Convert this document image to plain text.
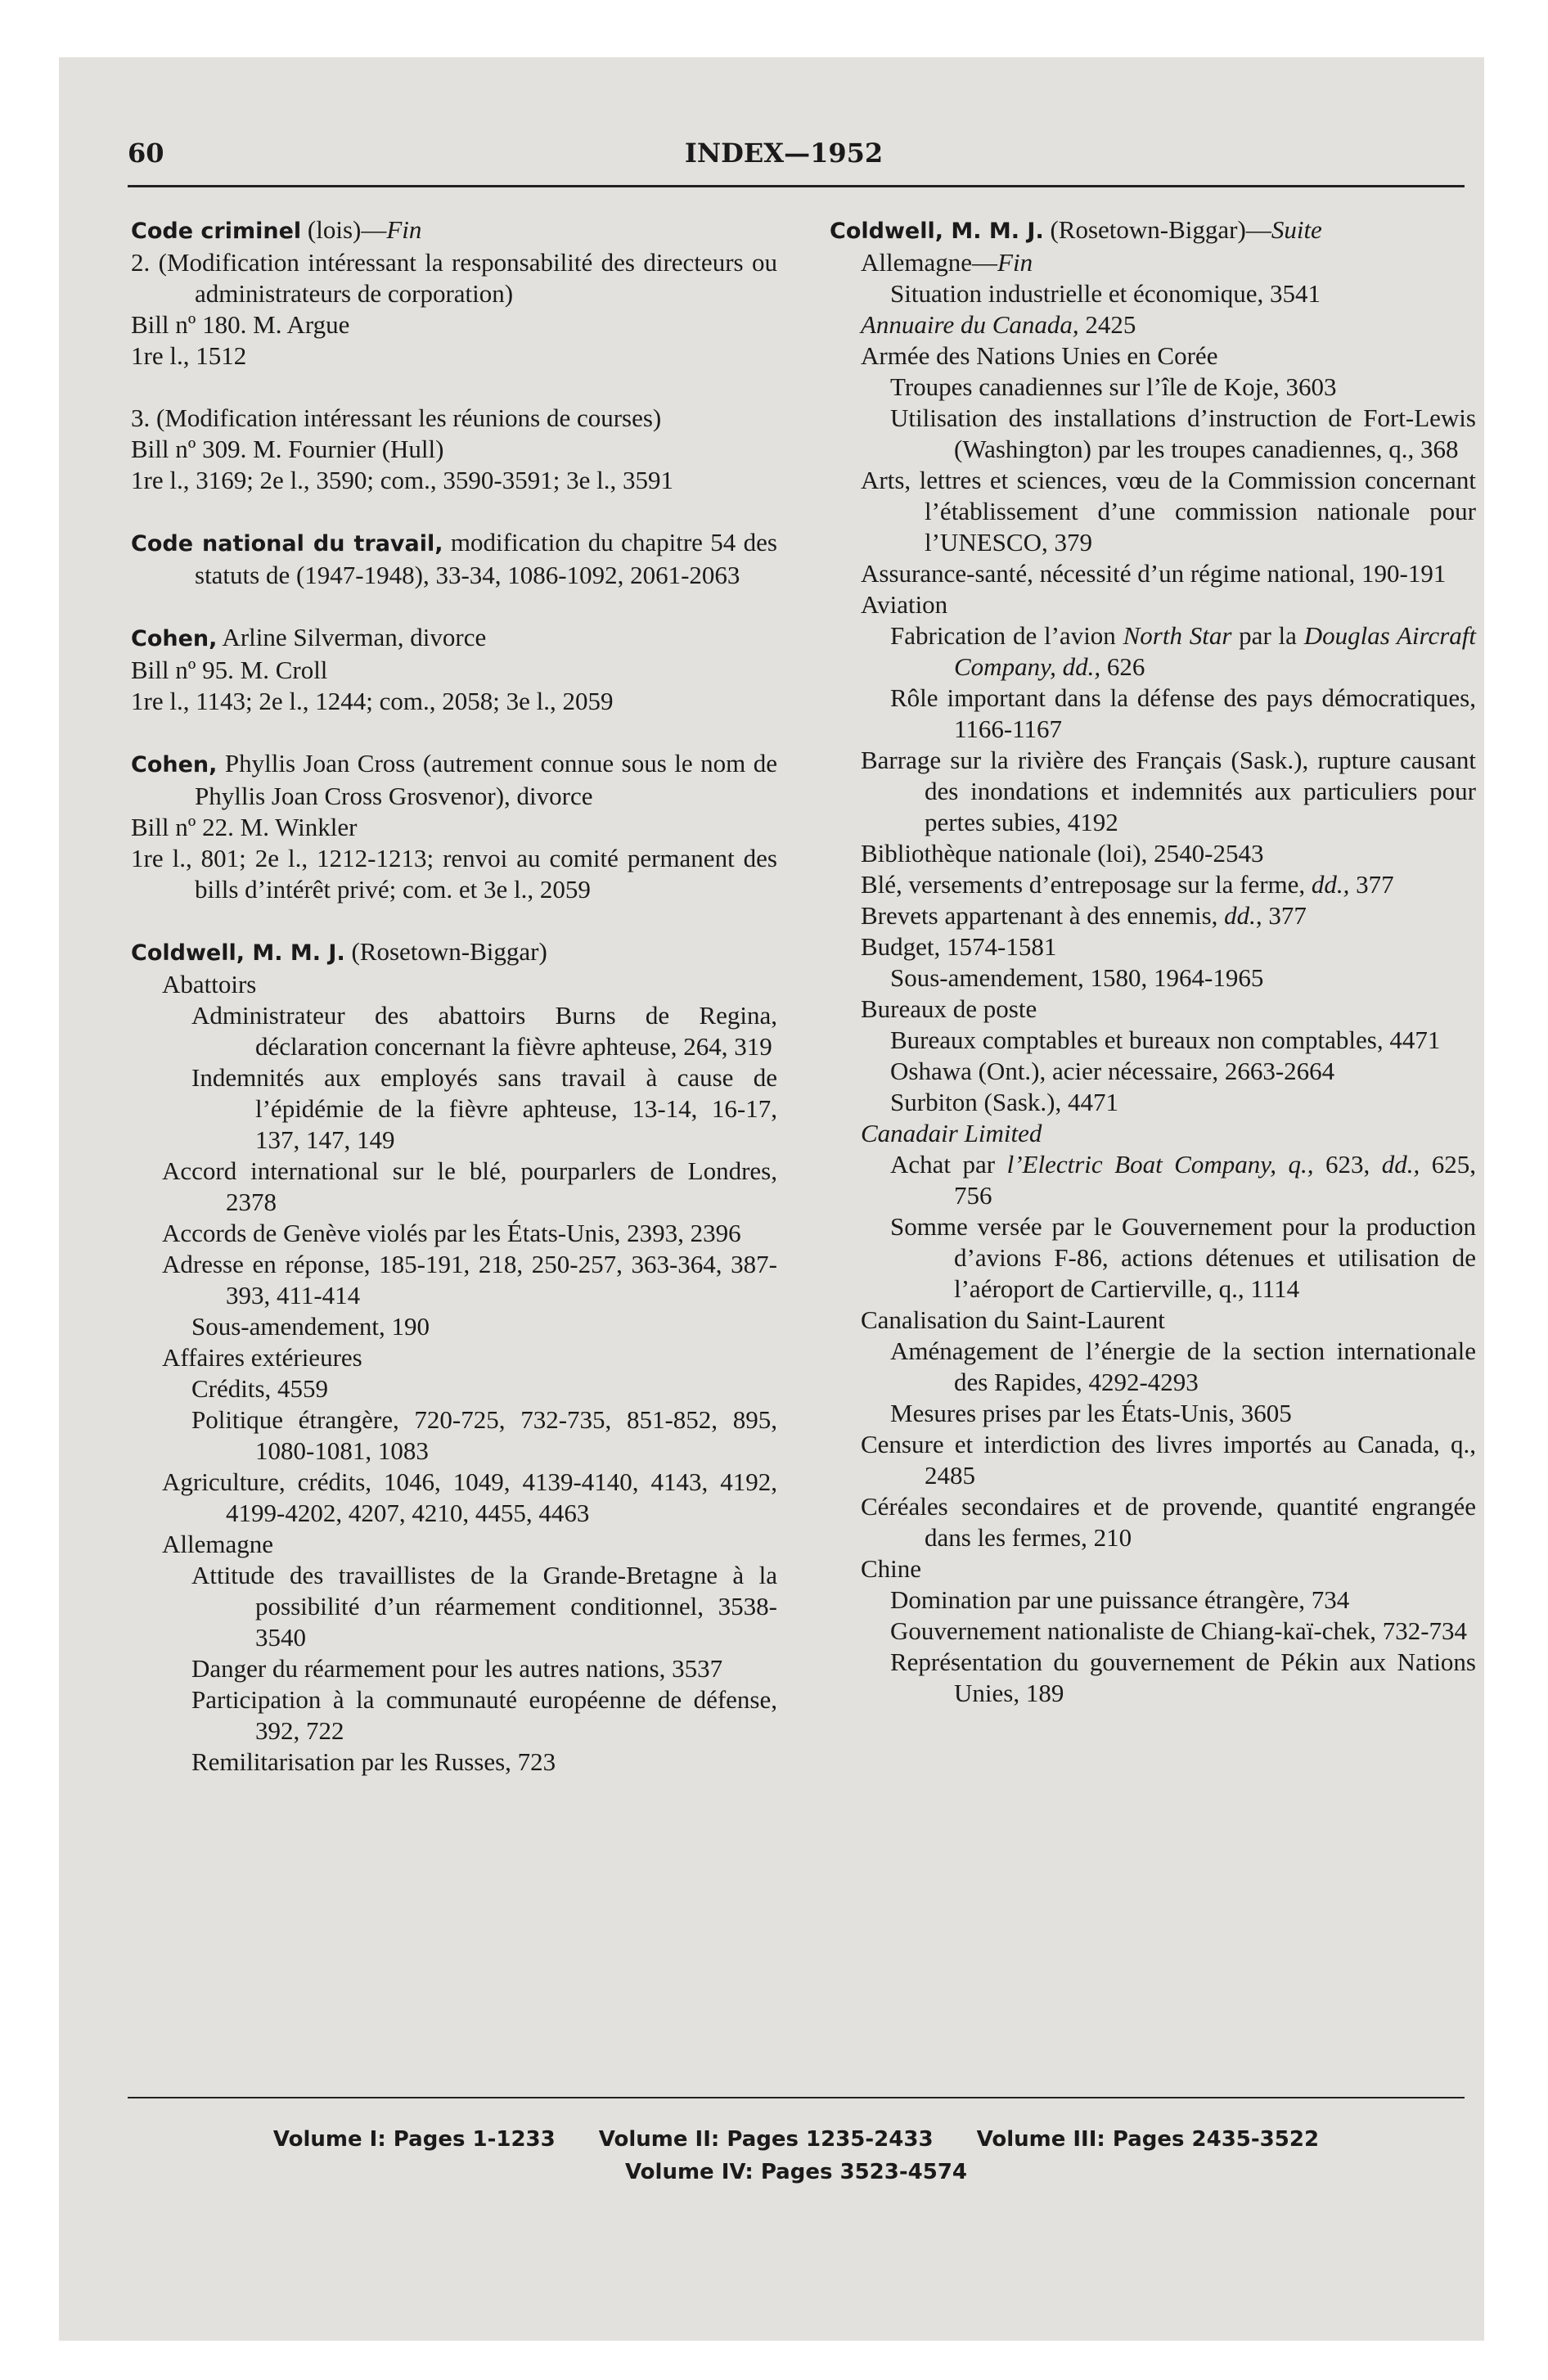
60	INDEX—1952

Code criminel (lois)—Fin

2. (Modification intéressant la responsabilité des directeurs ou administrateurs de corporation)

Bill nº 180. M. Argue

1re l., 1512

3. (Modification intéressant les réunions de courses)

Bill nº 309. M. Fournier (Hull)

1re l., 3169; 2e l., 3590; com., 3590-3591; 3e l., 3591

Code national du travail, modification du chapitre 54 des statuts de (1947-1948), 33-34, 1086-1092, 2061-2063

Cohen, Arline Silverman, divorce

Bill nº 95. M. Croll

1re l., 1143; 2e l., 1244; com., 2058; 3e l., 2059

Cohen, Phyllis Joan Cross (autrement connue sous le nom de Phyllis Joan Cross Grosvenor), divorce

Bill nº 22. M. Winkler

1re l., 801; 2e l., 1212-1213; renvoi au comité permanent des bills d’intérêt privé; com. et 3e l., 2059

Coldwell, M. M. J. (Rosetown-Biggar)

Abattoirs

Administrateur des abattoirs Burns de Regina, déclaration concernant la fièvre aphteuse, 264, 319

Indemnités aux employés sans travail à cause de l’épidémie de la fièvre aphteuse, 13-14, 16-17, 137, 147, 149

Accord international sur le blé, pourparlers de Londres, 2378

Accords de Genève violés par les États-Unis, 2393, 2396

Adresse en réponse, 185-191, 218, 250-257, 363-364, 387-393, 411-414

Sous-amendement, 190

Affaires extérieures

Crédits, 4559

Politique étrangère, 720-725, 732-735, 851-852, 895, 1080-1081, 1083

Agriculture, crédits, 1046, 1049, 4139-4140, 4143, 4192, 4199-4202, 4207, 4210, 4455, 4463

Allemagne

Attitude des travaillistes de la Grande-Bretagne à la possibilité d’un réarmement conditionnel, 3538-3540

Danger du réarmement pour les autres nations, 3537

Participation à la communauté européenne de défense, 392, 722

Remilitarisation par les Russes, 723

Coldwell, M. M. J. (Rosetown-Biggar)—Suite

Allemagne—Fin

Situation industrielle et économique, 3541

Annuaire du Canada, 2425

Armée des Nations Unies en Corée

Troupes canadiennes sur l’île de Koje, 3603

Utilisation des installations d’instruction de Fort-Lewis (Washington) par les troupes canadiennes, q., 368

Arts, lettres et sciences, vœu de la Commission concernant l’établissement d’une commission nationale pour l’UNESCO, 379

Assurance-santé, nécessité d’un régime national, 190-191

Aviation

Fabrication de l’avion North Star par la Douglas Aircraft Company, dd., 626

Rôle important dans la défense des pays démocratiques, 1166-1167

Barrage sur la rivière des Français (Sask.), rupture causant des inondations et indemnités aux particuliers pour pertes subies, 4192

Bibliothèque nationale (loi), 2540-2543

Blé, versements d’entreposage sur la ferme, dd., 377

Brevets appartenant à des ennemis, dd., 377

Budget, 1574-1581

Sous-amendement, 1580, 1964-1965

Bureaux de poste

Bureaux comptables et bureaux non comptables, 4471

Oshawa (Ont.), acier nécessaire, 2663-2664

Surbiton (Sask.), 4471

Canadair Limited

Achat par l’Electric Boat Company, q., 623, dd., 625, 756

Somme versée par le Gouvernement pour la production d’avions F-86, actions détenues et utilisation de l’aéroport de Cartierville, q., 1114

Canalisation du Saint-Laurent

Aménagement de l’énergie de la section internationale des Rapides, 4292-4293

Mesures prises par les États-Unis, 3605

Censure et interdiction des livres importés au Canada, q., 2485

Céréales secondaires et de provende, quantité engrangée dans les fermes, 210

Chine

Domination par une puissance étrangère, 734

Gouvernement nationaliste de Chiang-kaï-chek, 732-734

Représentation du gouvernement de Pékin aux Nations Unies, 189

Volume I: Pages 1-1233 Volume II: Pages 1235-2433 Volume III: Pages 2435-3522
Volume IV: Pages 3523-4574
